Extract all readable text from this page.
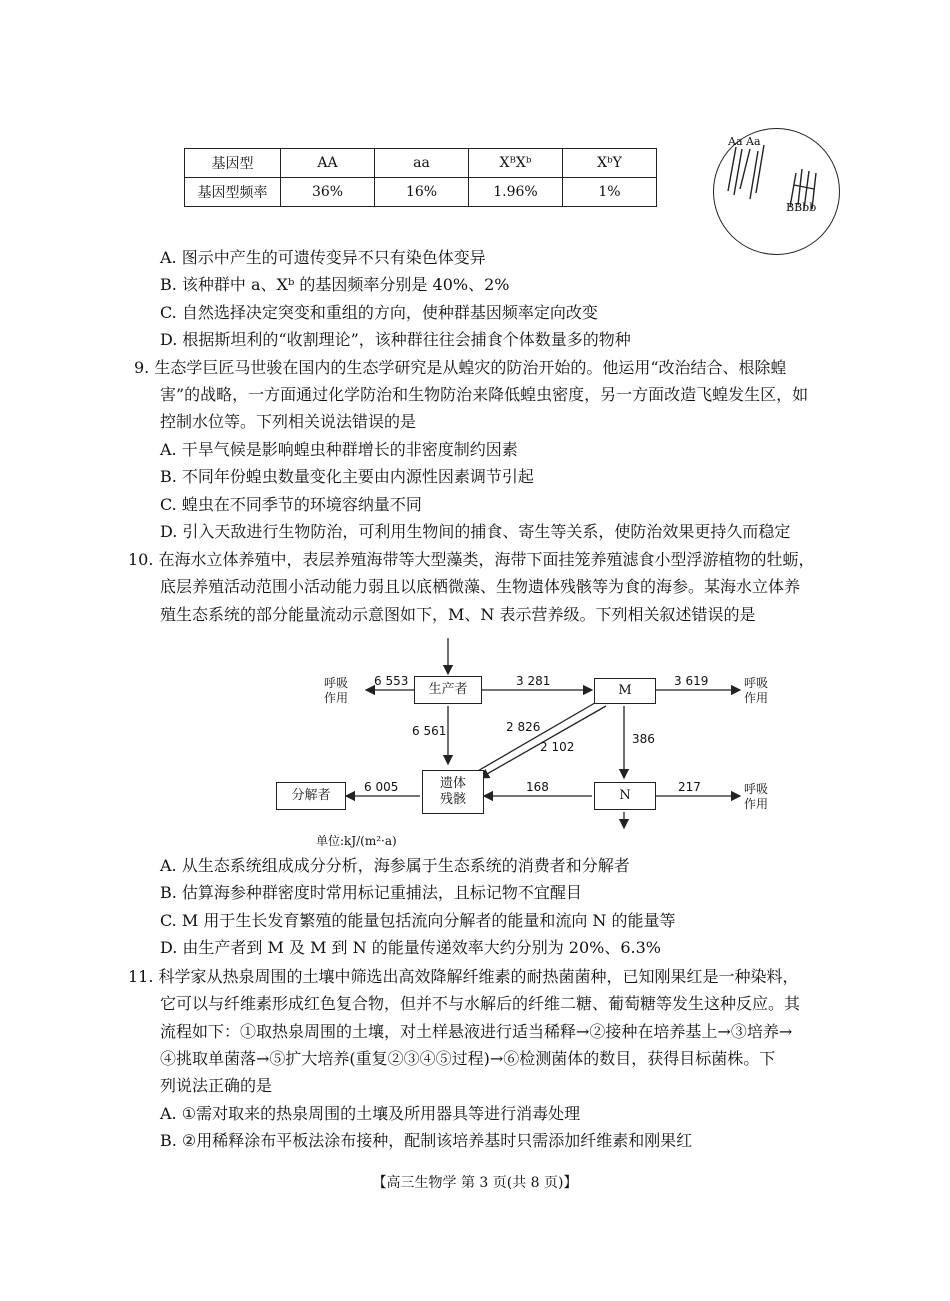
基因型	AA	aa	XᴮXᵇ	XᵇY
基因型频率	36%	16%	1.96%	1%
Aa Aa
BBbb
A. 图示中产生的可遗传变异不只有染色体变异
B. 该种群中 a、Xᵇ 的基因频率分别是 40%、2%
C. 自然选择决定突变和重组的方向，使种群基因频率定向改变
D. 根据斯坦利的“收割理论”，该种群往往会捕食个体数量多的物种
9. 生态学巨匠马世骏在国内的生态学研究是从蝗灾的防治开始的。他运用“改治结合、根除蝗
害”的战略，一方面通过化学防治和生物防治来降低蝗虫密度，另一方面改造飞蝗发生区，如
控制水位等。下列相关说法错误的是
A. 干旱气候是影响蝗虫种群增长的非密度制约因素
B. 不同年份蝗虫数量变化主要由内源性因素调节引起
C. 蝗虫在不同季节的环境容纳量不同
D. 引入天敌进行生物防治，可利用生物间的捕食、寄生等关系，使防治效果更持久而稳定
10. 在海水立体养殖中，表层养殖海带等大型藻类，海带下面挂笼养殖滤食小型浮游植物的牡蛎，
底层养殖活动范围小活动能力弱且以底栖微藻、生物遗体残骸等为食的海参。某海水立体养
殖生态系统的部分能量流动示意图如下，M、N 表示营养级。下列相关叙述错误的是
生产者	M
遗体
残骸	N
分解者
呼吸
作用
呼吸
作用
呼吸
作用
6 553	3 281	3 619
6 561	2 826
2 102
386
6 005	168	217
单位:kJ/(m²·a)
A. 从生态系统组成成分分析，海参属于生态系统的消费者和分解者
B. 估算海参种群密度时常用标记重捕法，且标记物不宜醒目
C. M 用于生长发育繁殖的能量包括流向分解者的能量和流向 N 的能量等
D. 由生产者到 M 及 M 到 N 的能量传递效率大约分别为 20%、6.3%
11. 科学家从热泉周围的土壤中筛选出高效降解纤维素的耐热菌菌种，已知刚果红是一种染料，
它可以与纤维素形成红色复合物，但并不与水解后的纤维二糖、葡萄糖等发生这种反应。其
流程如下：①取热泉周围的土壤，对土样悬液进行适当稀释→②接种在培养基上→③培养→
④挑取单菌落→⑤扩大培养(重复②③④⑤过程)→⑥检测菌体的数目，获得目标菌株。下
列说法正确的是
A. ①需对取来的热泉周围的土壤及所用器具等进行消毒处理
B. ②用稀释涂布平板法涂布接种，配制该培养基时只需添加纤维素和刚果红
【高三生物学 第 3 页(共 8 页)】
